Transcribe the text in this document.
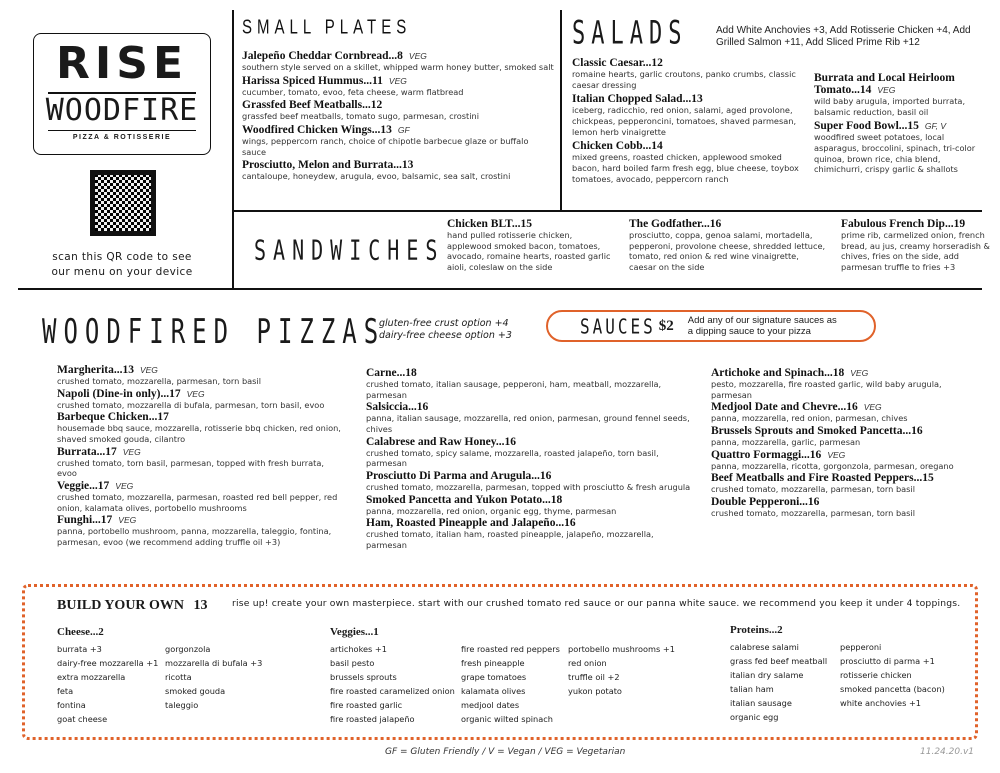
RISE
WOODFIRE
PIZZA & ROTISSERIE
scan this QR code to see our menu on your device
SMALL PLATES
Jalepeño Cheddar Cornbread...8 VEG
southern style served on a skillet, whipped warm honey butter, smoked salt
Harissa Spiced Hummus...11 VEG
cucumber, tomato, evoo, feta cheese, warm flatbread
Grassfed Beef Meatballs...12
grassfed beef meatballs, tomato sugo, parmesan, crostini
Woodfired Chicken Wings...13 GF
wings, peppercorn ranch, choice of chipotle barbecue glaze or buffalo sauce
Prosciutto, Melon and Burrata...13
cantaloupe, honeydew, arugula, evoo, balsamic, sea salt, crostini
SALADS	Add White Anchovies +3, Add Rotisserie Chicken +4, Add Grilled Salmon +11, Add Sliced Prime Rib +12
Classic Caesar...12
romaine hearts, garlic croutons, panko crumbs, classic caesar dressing
Italian Chopped Salad...13
iceberg, radicchio, red onion, salami, aged provolone, chickpeas, pepperoncini, tomatoes, shaved parmesan, lemon herb vinaigrette
Chicken Cobb...14
mixed greens, roasted chicken, applewood smoked bacon, hard boiled farm fresh egg, blue cheese, toybox tomatoes, avocado, peppercorn ranch
Burrata and Local Heirloom Tomato...14 VEG
wild baby arugula, imported burrata, balsamic reduction, basil oil
Super Food Bowl...15 GF, V
woodfired sweet potatoes, local asparagus, broccolini, spinach, tri-color quinoa, brown rice, chia blend, chimichurri, crispy garlic & shallots
SANDWICHES
Chicken BLT...15
hand pulled rotisserie chicken, applewood smoked bacon, tomatoes, avocado, romaine hearts, roasted garlic aioli, coleslaw on the side
The Godfather...16
prosciutto, coppa, genoa salami, mortadella, pepperoni, provolone cheese, shredded lettuce, tomato, red onion & red wine vinaigrette, caesar on the side
Fabulous French Dip...19
prime rib, carmelized onion, french bread, au jus, creamy horseradish & chives, fries on the side, add parmesan truffle to fries +3
WOODFIRED PIZZAS
gluten-free crust option +4
dairy-free cheese option +3	SAUCES $2 Add any of our signature sauces as a dipping sauce to your pizza
Margherita...13 VEG
crushed tomato, mozzarella, parmesan, torn basil
Napoli (Dine-in only)...17 VEG
crushed tomato, mozzarella di bufala, parmesan, torn basil, evoo
Barbeque Chicken...17
housemade bbq sauce, mozzarella, rotisserie bbq chicken, red onion, shaved smoked gouda, cilantro
Burrata...17 VEG
crushed tomato, torn basil, parmesan, topped with fresh burrata, evoo
Veggie...17 VEG
crushed tomato, mozzarella, parmesan, roasted red bell pepper, red onion, kalamata olives, portobello mushrooms
Funghi...17 VEG
panna, portobello mushroom, panna, mozzarella, taleggio, fontina, parmesan, evoo (we recommend adding truffle oil +3)
Carne...18
crushed tomato, italian sausage, pepperoni, ham, meatball, mozzarella, parmesan
Salsiccia...16
panna, italian sausage, mozzarella, red onion, parmesan, ground fennel seeds, chives
Calabrese and Raw Honey...16
crushed tomato, spicy salame, mozzarella, roasted jalapeño, torn basil, parmesan
Prosciutto Di Parma and Arugula...16
crushed tomato, mozzarella, parmesan, topped with prosciutto & fresh arugula
Smoked Pancetta and Yukon Potato...18
panna, mozzarella, red onion, organic egg, thyme, parmesan
Ham, Roasted Pineapple and Jalapeño...16
crushed tomato, italian ham, roasted pineapple, jalapeño, mozzarella, parmesan
Artichoke and Spinach...18 VEG
pesto, mozzarella, fire roasted garlic, wild baby arugula, parmesan
Medjool Date and Chevre...16 VEG
panna, mozzarella, red onion, parmesan, chives
Brussels Sprouts and Smoked Pancetta...16
panna, mozzarella, garlic, parmesan
Quattro Formaggi...16 VEG
panna, mozzarella, ricotta, gorgonzola, parmesan, oregano
Beef Meatballs and Fire Roasted Peppers...15
crushed tomato, mozzarella, parmesan, torn basil
Double Pepperoni...16
crushed tomato, mozzarella, parmesan, torn basil
BUILD YOUR OWN 13	rise up! create your own masterpiece. start with our crushed tomato red sauce or our panna white sauce. we recommend you keep it under 4 toppings.
Cheese...2
burrata +3
dairy-free mozzarella +1
extra mozzarella
feta
fontina
goat cheese
gorgonzola
mozzarella di bufala +3
ricotta
smoked gouda
taleggio
Veggies...1
artichokes +1
basil pesto
brussels sprouts
fire roasted caramelized onion
fire roasted garlic
fire roasted jalapeño
fire roasted red peppers
fresh pineapple
grape tomatoes
kalamata olives
medjool dates
organic wilted spinach
portobello mushrooms +1
red onion
truffle oil +2
yukon potato
Proteins...2
calabrese salami
grass fed beef meatball
italian dry salame
talian ham
italian sausage
organic egg
pepperoni
prosciutto di parma +1
rotisserie chicken
smoked pancetta (bacon)
white anchovies +1
GF = Gluten Friendly / V = Vegan / VEG = Vegetarian	11.24.20.v1
